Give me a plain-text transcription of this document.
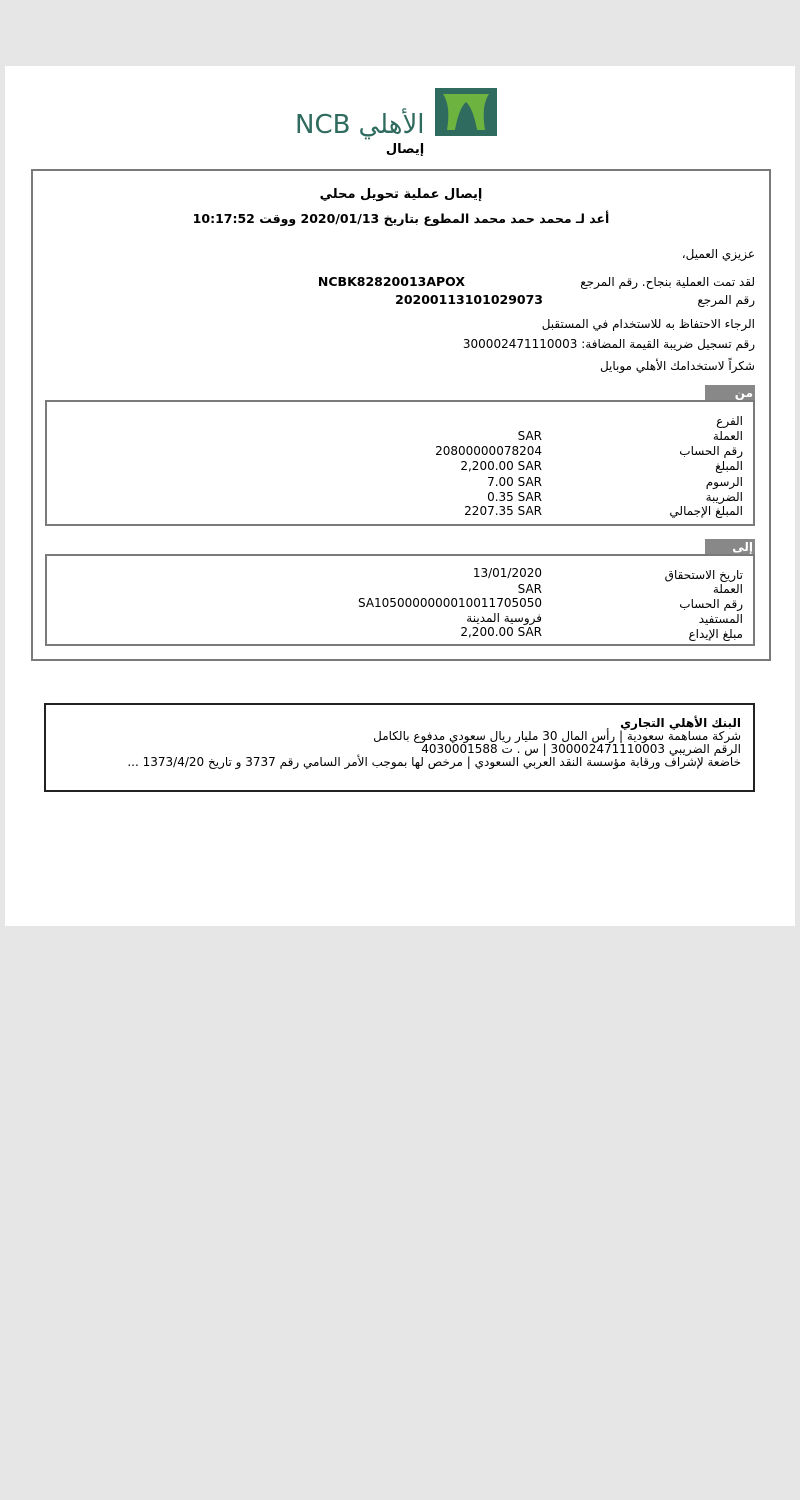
NCB الأهلي
إيصال
إيصال عملية تحويل محلي
أعد لـ محمد حمد محمد المطوع بتاريخ 2020/01/13 ووقت 10:17:52
عزيزي العميل،
لقد تمت العملية بنجاح. رقم المرجع
NCBK82820013APOX
رقم المرجع
20200113101029073
الرجاء الاحتفاظ به للاستخدام في المستقبل
رقم تسجيل ضريبة القيمة المضافة: 300002471110003
شكراً لاستخدامك الأهلي موبايل
من
الفرع
العملة
SAR
رقم الحساب
20800000078204
المبلغ
2,200.00 SAR
الرسوم
7.00 SAR
الضريبة
0.35 SAR
المبلغ الإجمالي
2207.35 SAR
إلى
تاريخ الاستحقاق
13/01/2020
العملة
SAR
رقم الحساب
SA1050000000010011705050
المستفيد
فروسية المدينة
مبلغ الإيداع
2,200.00 SAR
البنك الأهلي التجاري
شركة مساهمة سعودية | رأس المال 30 مليار ريال سعودي مدفوع بالكامل
الرقم الضريبي 300002471110003 | س . ت 4030001588
خاضعة لإشراف ورقابة مؤسسة النقد العربي السعودي | مرخص لها بموجب الأمر السامي رقم 3737 و تاريخ 1373/4/20 ...
